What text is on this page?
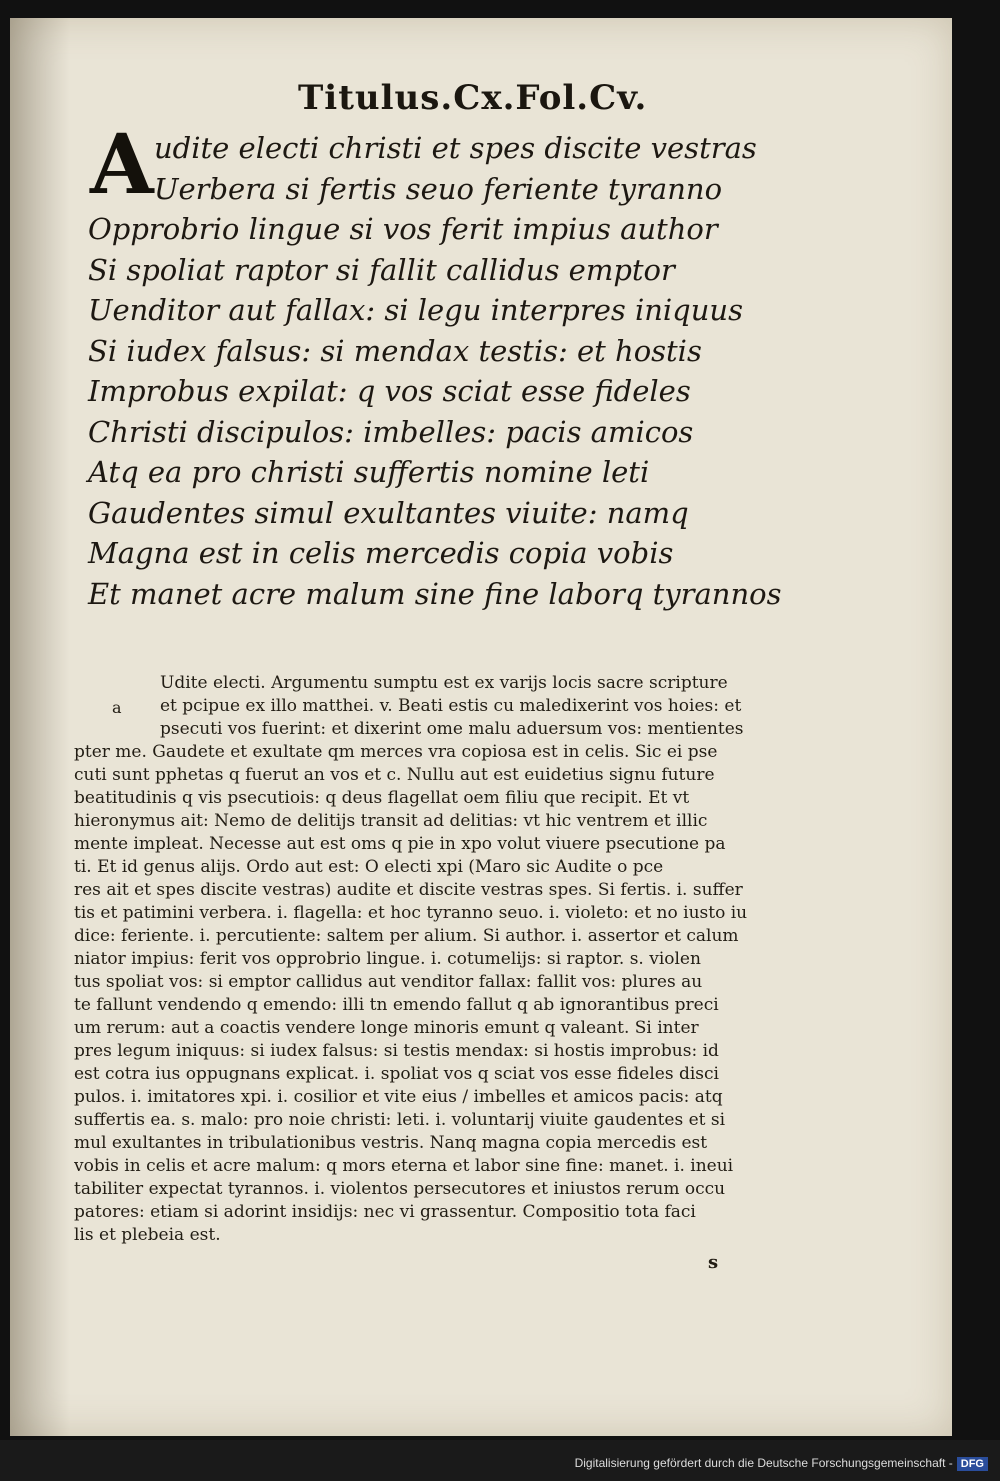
Titulus.Cx.Fol.Cv.
A udite electi christi et spes discite vestras
Uerbera si fertis seuo feriente tyranno
Opprobrio lingue si vos ferit impius author
Si spoliat raptor si fallit callidus emptor
Uenditor aut fallax: si legu interpres iniquus
Si iudex falsus: si mendax testis: et hostis
Improbus expilat: q vos sciat esse fideles
Christi discipulos: imbelles: pacis amicos
Atq ea pro christi suffertis nomine leti
Gaudentes simul exultantes viuite: namq
Magna est in celis mercedis copia vobis
Et manet acre malum sine fine laborq tyrannos
a
Udite electi. Argumentu sumptu est ex varijs locis sacre scripture
et pcipue ex illo matthei. v. Beati estis cu maledixerint vos hoies: et
psecuti vos fuerint: et dixerint ome malu aduersum vos: mentientes
pter me. Gaudete et exultate qm merces vra copiosa est in celis. Sic ei pse
cuti sunt pphetas q fuerut an vos et c. Nullu aut est euidetius signu future
beatitudinis q vis psecutiois: q deus flagellat oem filiu que recipit. Et vt
hieronymus ait: Nemo de delitijs transit ad delitias: vt hic ventrem et illic
mente impleat. Necesse aut est oms q pie in xpo volut viuere psecutione pa
ti. Et id genus alijs. Ordo aut est: O electi xpi (Maro sic Audite o pce
res ait et spes discite vestras) audite et discite vestras spes. Si fertis. i. suffer
tis et patimini verbera. i. flagella: et hoc tyranno seuo. i. violeto: et no iusto iu
dice: feriente. i. percutiente: saltem per alium. Si author. i. assertor et calum
niator impius: ferit vos opprobrio lingue. i. cotumelijs: si raptor. s. violen
tus spoliat vos: si emptor callidus aut venditor fallax: fallit vos: plures au
te fallunt vendendo q emendo: illi tn emendo fallut q ab ignorantibus preci
um rerum: aut a coactis vendere longe minoris emunt q valeant. Si inter
pres legum iniquus: si iudex falsus: si testis mendax: si hostis improbus: id
est cotra ius oppugnans explicat. i. spoliat vos q sciat vos esse fideles disci
pulos. i. imitatores xpi. i. cosilior et vite eius / imbelles et amicos pacis: atq
suffertis ea. s. malo: pro noie christi: leti. i. voluntarij viuite gaudentes et si
mul exultantes in tribulationibus vestris. Nanq magna copia mercedis est
vobis in celis et acre malum: q mors eterna et labor sine fine: manet. i. ineui
tabiliter expectat tyrannos. i. violentos persecutores et iniustos rerum occu
patores: etiam si adorint insidijs: nec vi grassentur. Compositio tota faci
lis et plebeia est.
s
Digitalisierung gefördert durch die Deutsche Forschungsgemeinschaft - DFG
